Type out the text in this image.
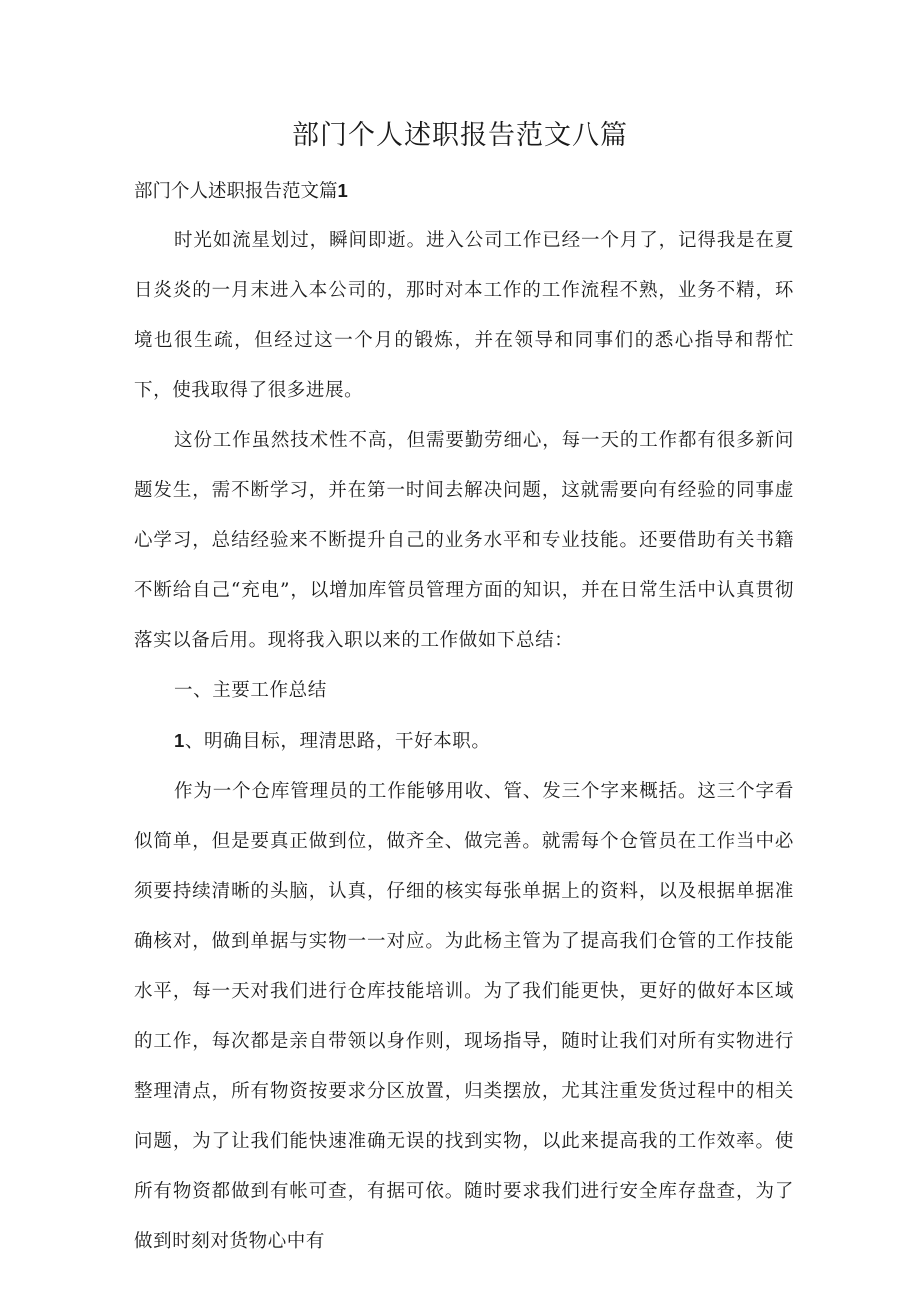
部门个人述职报告范文八篇

部门个人述职报告范文篇1

时光如流星划过，瞬间即逝。进入公司工作已经一个月了，记得我是在夏日炎炎的一月末进入本公司的，那时对本工作的工作流程不熟，业务不精，环境也很生疏，但经过这一个月的锻炼，并在领导和同事们的悉心指导和帮忙下，使我取得了很多进展。

这份工作虽然技术性不高，但需要勤劳细心，每一天的工作都有很多新问题发生，需不断学习，并在第一时间去解决问题，这就需要向有经验的同事虚心学习，总结经验来不断提升自己的业务水平和专业技能。还要借助有关书籍不断给自己“充电”，以增加库管员管理方面的知识，并在日常生活中认真贯彻落实以备后用。现将我入职以来的工作做如下总结：

一、主要工作总结

1、明确目标，理清思路，干好本职。

作为一个仓库管理员的工作能够用收、管、发三个字来概括。这三个字看似简单，但是要真正做到位，做齐全、做完善。就需每个仓管员在工作当中必须要持续清晰的头脑，认真，仔细的核实每张单据上的资料，以及根据单据准确核对，做到单据与实物一一对应。为此杨主管为了提高我们仓管的工作技能水平，每一天对我们进行仓库技能培训。为了我们能更快，更好的做好本区域的工作，每次都是亲自带领以身作则，现场指导，随时让我们对所有实物进行整理清点，所有物资按要求分区放置，归类摆放，尤其注重发货过程中的相关问题，为了让我们能快速准确无误的找到实物，以此来提高我的工作效率。使所有物资都做到有帐可查，有据可依。随时要求我们进行安全库存盘查，为了做到时刻对货物心中有
